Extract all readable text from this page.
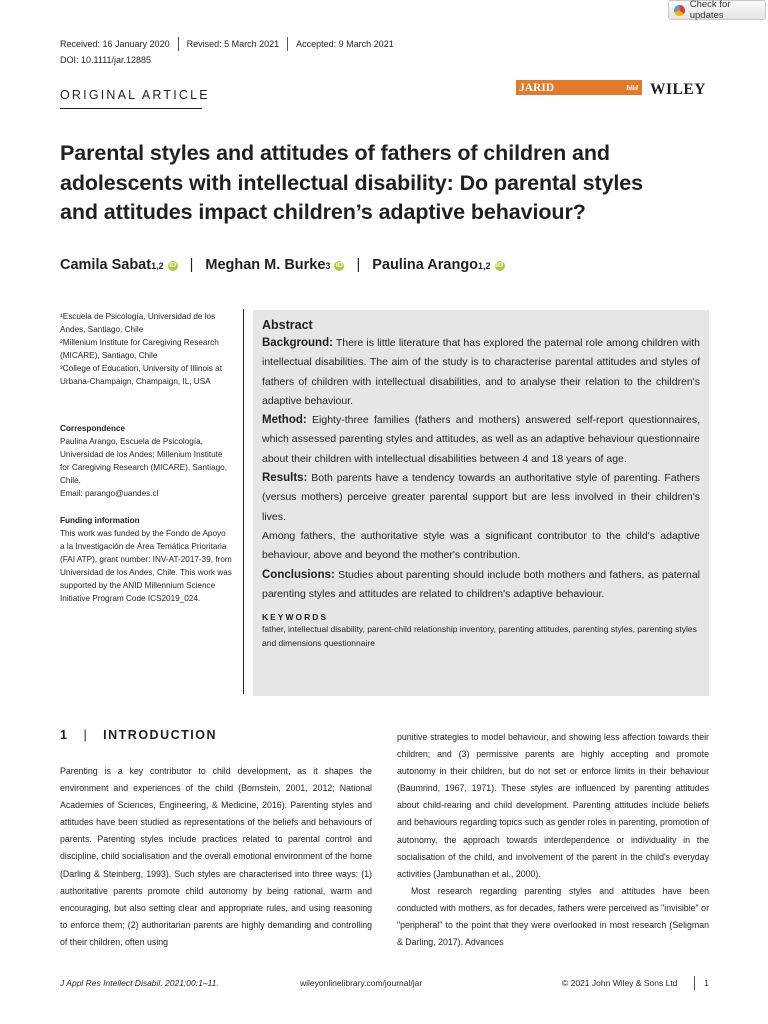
Check for updates
Received: 16 January 2020	Revised: 5 March 2021	Accepted: 9 March 2021
DOI: 10.1111/jar.12885
ORIGINAL ARTICLE
JARID	bild WILEY
Parental styles and attitudes of fathers of children and
adolescents with intellectual disability: Do parental styles
and attitudes impact children’s adaptive behaviour?
Camila Sabat 1,2 iD | Meghan M. Burke 3 iD | Paulina Arango 1,2 iD

¹Escuela de Psicología, Universidad de los Andes, Santiago, Chile

²Millenium Institute for Caregiving Research (MICARE), Santiago, Chile

³College of Education, University of Illinois at Urbana-Champaign, Champaign, IL, USA

Correspondence

Paulina Arango, Escuela de Psicología, Universidad de los Andes; Millenium Institute for Caregiving Research (MICARE), Santiago, Chile.

Email: parango@uandes.cl

Funding information

This work was funded by the Fondo de Apoyo a la Investigación de Área Temática Prioritaria (FAI ATP), grant number: INV-AT-2017-39, from Universidad de los Andes, Chile. This work was supported by the ANID Millennium Science Initiative Program Code ICS2019_024.

Abstract

Background: There is little literature that has explored the paternal role among children with intellectual disabilities. The aim of the study is to characterise parental attitudes and styles of fathers of children with intellectual disabilities, and to analyse their relation to the children's adaptive behaviour.

Method: Eighty-three families (fathers and mothers) answered self-report questionnaires, which assessed parenting styles and attitudes, as well as an adaptive behaviour questionnaire about their children with intellectual disabilities between 4 and 18 years of age.

Results: Both parents have a tendency towards an authoritative style of parenting. Fathers (versus mothers) perceive greater parental support but are less involved in their children's lives.

Among fathers, the authoritative style was a significant contributor to the child's adaptive behaviour, above and beyond the mother's contribution.

Conclusions: Studies about parenting should include both mothers and fathers, as paternal parenting styles and attitudes are related to children's adaptive behaviour.

KEYWORDS
father, intellectual disability, parent-child relationship inventory, parenting attitudes, parenting styles, parenting styles and dimensions questionnaire
1 | INTRODUCTION

Parenting is a key contributor to child development, as it shapes the environment and experiences of the child (Bornstein, 2001, 2012; National Academies of Sciences, Engineering, & Medicine, 2016). Parenting styles and attitudes have been studied as representations of the beliefs and behaviours of parents. Parenting styles include practices related to parental control and discipline, child socialisation and the overall emotional environment of the home (Darling & Steinberg, 1993). Such styles are characterised into three ways: (1) authoritative parents promote child autonomy by being rational, warm and encouraging, but also setting clear and appropriate rules, and using reasoning to enforce them; (2) authoritarian parents are highly demanding and controlling of their children, often using

punitive strategies to model behaviour, and showing less affection towards their children; and (3) permissive parents are highly accepting and promote autonomy in their children, but do not set or enforce limits in their behaviour (Baumrind, 1967, 1971). These styles are influenced by parenting attitudes about child-rearing and child development. Parenting attitudes include beliefs and behaviours regarding topics such as gender roles in parenting, promotion of autonomy, the approach towards interdependence or individuality in the socialisation of the child, and involvement of the parent in the child's everyday activities (Jambunathan et al., 2000).

Most research regarding parenting styles and attitudes have been conducted with mothers, as for decades, fathers were perceived as "invisible" or "peripheral" to the point that they were overlooked in most research (Seligman & Darling, 2017). Advances

J Appl Res Intellect Disabil. 2021;00:1–11.	wileyonlinelibrary.com/journal/jar	© 2021 John Wiley & Sons Ltd	1
